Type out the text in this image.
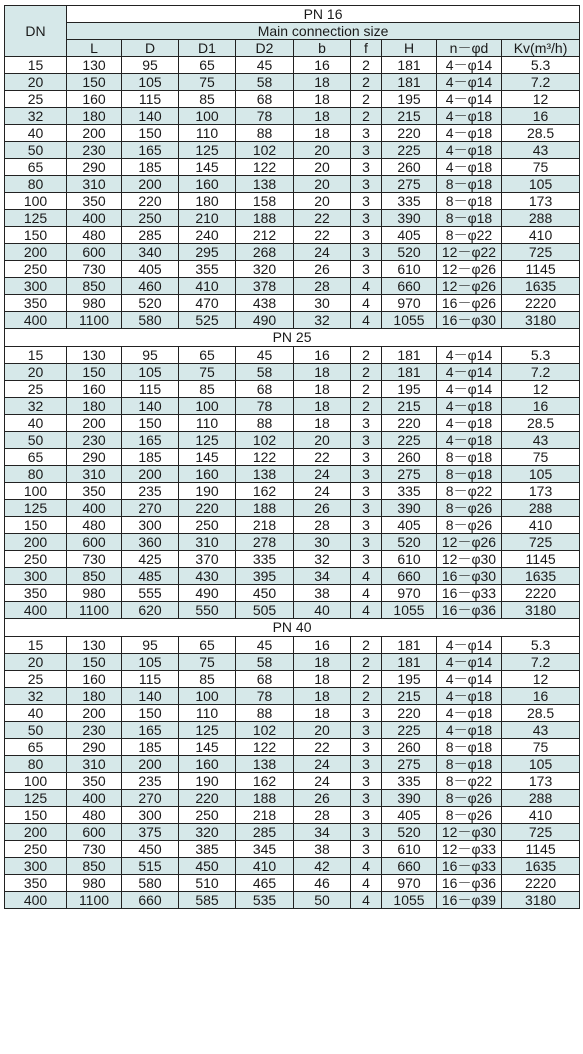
DN	PN 16								
	Main connection size								
	L	D	D1	D2	b	f	H	n－φd	Kv(m³/h)
15	130	95	65	45	16	2	181	4－φ14	5.3
20	150	105	75	58	18	2	181	4－φ14	7.2
25	160	115	85	68	18	2	195	4－φ14	12
32	180	140	100	78	18	2	215	4－φ18	16
40	200	150	110	88	18	3	220	4－φ18	28.5
50	230	165	125	102	20	3	225	4－φ18	43
65	290	185	145	122	20	3	260	4－φ18	75
80	310	200	160	138	20	3	275	8－φ18	105
100	350	220	180	158	20	3	335	8－φ18	173
125	400	250	210	188	22	3	390	8－φ18	288
150	480	285	240	212	22	3	405	8－φ22	410
200	600	340	295	268	24	3	520	12－φ22	725
250	730	405	355	320	26	3	610	12－φ26	1145
300	850	460	410	378	28	4	660	12－φ26	1635
350	980	520	470	438	30	4	970	16－φ26	2220
400	1100	580	525	490	32	4	1055	16－φ30	3180
PN 25									
15	130	95	65	45	16	2	181	4－φ14	5.3
20	150	105	75	58	18	2	181	4－φ14	7.2
25	160	115	85	68	18	2	195	4－φ14	12
32	180	140	100	78	18	2	215	4－φ18	16
40	200	150	110	88	18	3	220	4－φ18	28.5
50	230	165	125	102	20	3	225	4－φ18	43
65	290	185	145	122	22	3	260	8－φ18	75
80	310	200	160	138	24	3	275	8－φ18	105
100	350	235	190	162	24	3	335	8－φ22	173
125	400	270	220	188	26	3	390	8－φ26	288
150	480	300	250	218	28	3	405	8－φ26	410
200	600	360	310	278	30	3	520	12－φ26	725
250	730	425	370	335	32	3	610	12－φ30	1145
300	850	485	430	395	34	4	660	16－φ30	1635
350	980	555	490	450	38	4	970	16－φ33	2220
400	1100	620	550	505	40	4	1055	16－φ36	3180
PN 40									
15	130	95	65	45	16	2	181	4－φ14	5.3
20	150	105	75	58	18	2	181	4－φ14	7.2
25	160	115	85	68	18	2	195	4－φ14	12
32	180	140	100	78	18	2	215	4－φ18	16
40	200	150	110	88	18	3	220	4－φ18	28.5
50	230	165	125	102	20	3	225	4－φ18	43
65	290	185	145	122	22	3	260	8－φ18	75
80	310	200	160	138	24	3	275	8－φ18	105
100	350	235	190	162	24	3	335	8－φ22	173
125	400	270	220	188	26	3	390	8－φ26	288
150	480	300	250	218	28	3	405	8－φ26	410
200	600	375	320	285	34	3	520	12－φ30	725
250	730	450	385	345	38	3	610	12－φ33	1145
300	850	515	450	410	42	4	660	16－φ33	1635
350	980	580	510	465	46	4	970	16－φ36	2220
400	1100	660	585	535	50	4	1055	16－φ39	3180
